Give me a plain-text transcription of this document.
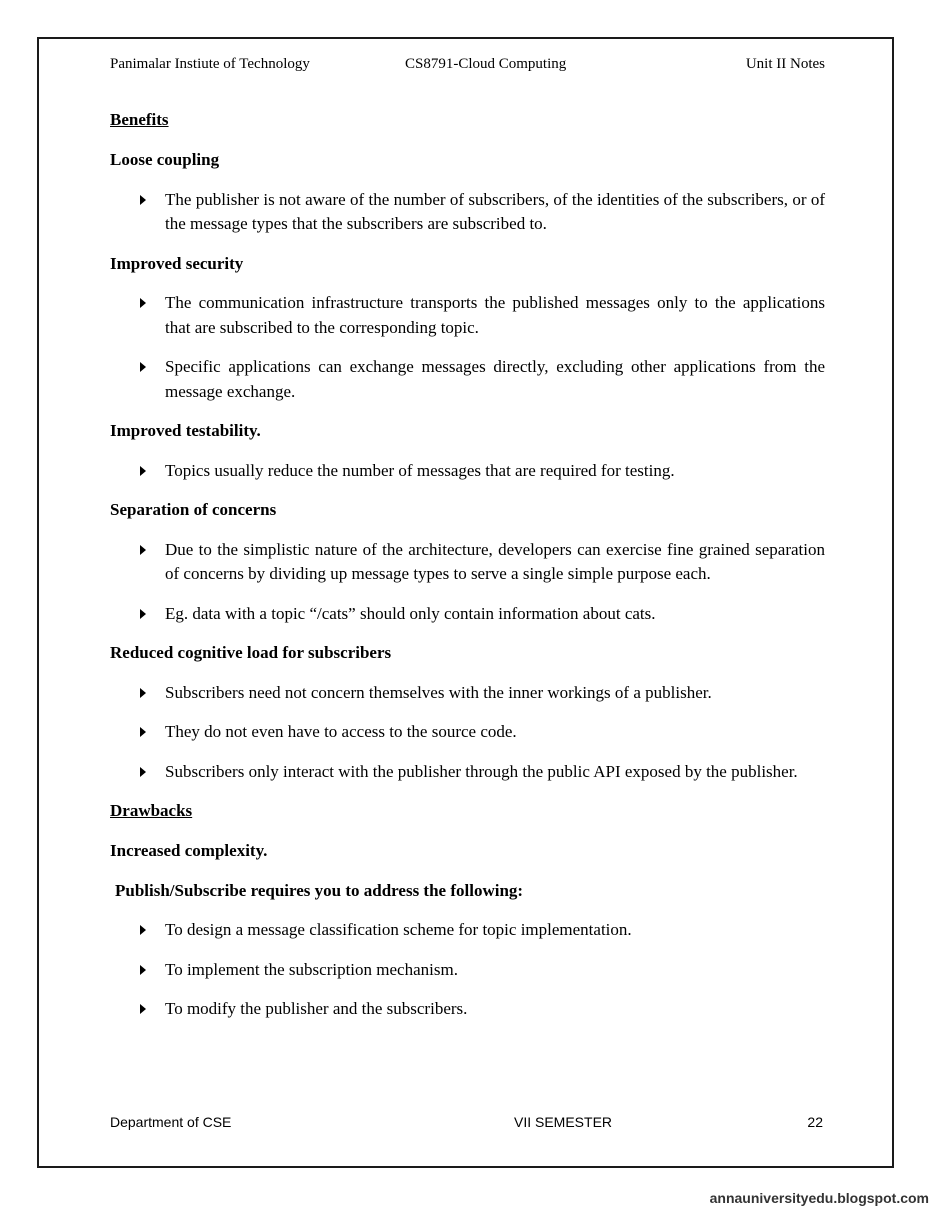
Panimalar Instiute of Technology	CS8791-Cloud Computing	Unit II Notes
Benefits
Loose coupling
The publisher is not aware of the number of subscribers, of the identities of the subscribers, or of the message types that the subscribers are subscribed to.
Improved security
The communication infrastructure transports the published messages only to the applications that are subscribed to the corresponding topic.
Specific applications can exchange messages directly, excluding other applications from the message exchange.
Improved testability.
Topics usually reduce the number of messages that are required for testing.
Separation of concerns
Due to the simplistic nature of the architecture, developers can exercise fine grained separation of concerns by dividing up message types to serve a single simple purpose each.
Eg. data with a topic “/cats” should only contain information about cats.
Reduced cognitive load for subscribers
Subscribers need not concern themselves with the inner workings of a publisher.
They do not even have to access to the source code.
Subscribers only interact with the publisher through the public API exposed by the publisher.
Drawbacks
Increased complexity.
Publish/Subscribe requires you to address the following:
To design a message classification scheme for topic implementation.
To implement the subscription mechanism.
To modify the publisher and the subscribers.
Department of CSE	VII SEMESTER	22
annauniversityedu.blogspot.com
